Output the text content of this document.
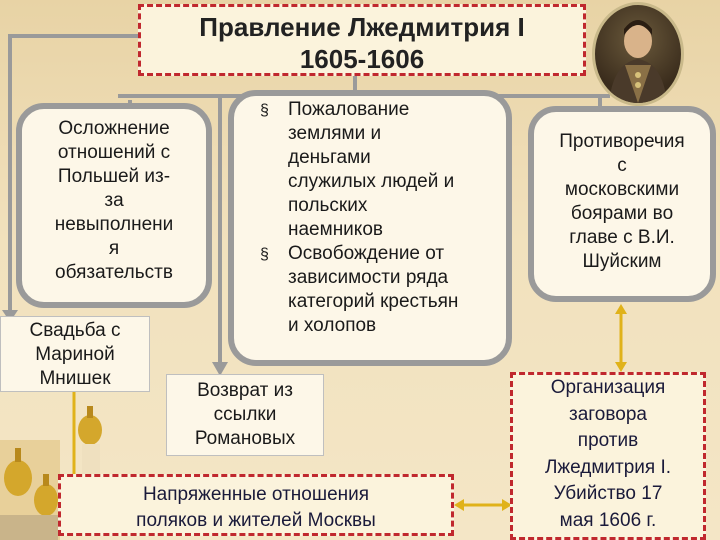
Правление Лжедмитрия I
1605-1606
Осложнение
отношений с
Польшей из-
за
невыполнени
я
обязательств
§ Пожалование
землями и
деньгами
служилых людей и
польских
наемников
§ Освобождение от
зависимости ряда
категорий крестьян
и холопов
Противоречия
с
московскими
боярами во
главе с В.И.
Шуйским
Свадьба с
Мариной
Мнишек
Возврат из
ссылки
Романовых
Напряженные отношения
поляков и жителей Москвы
Организация
заговора
против
Лжедмитрия I.
Убийство 17
мая 1606 г.
